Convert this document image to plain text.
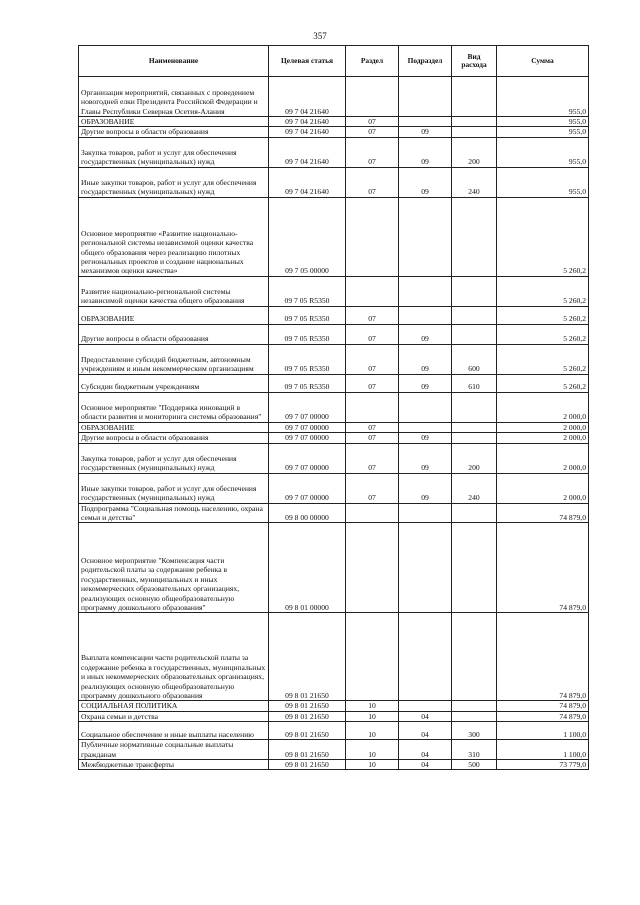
357
Наименование	Целевая статья	Раздел	Подраздел	Вид расхода	Сумма
Организация мероприятий, связанных с проведением новогодней елки Президента Российской Федерации и Главы Республики Северная Осетия-Алания	09 7 04 21640				955,0
ОБРАЗОВАНИЕ	09 7 04 21640	07			955,0
Другие вопросы в области образования	09 7 04 21640	07	09		955,0
Закупка товаров, работ и услуг для обеспечения государственных (муниципальных) нужд	09 7 04 21640	07	09	200	955,0
Иные закупки товаров, работ и услуг для обеспечения государственных (муниципальных) нужд	09 7 04 21640	07	09	240	955,0
Основное мероприятие «Развитие национально-региональной системы независимой оценки качества общего образования через реализацию пилотных региональных проектов и создание национальных механизмов оценки качества»	09 7 05 00000				5 260,2
Развитие национально-региональной системы независимой оценки качества общего образования	09 7 05 R5350				5 260,2
ОБРАЗОВАНИЕ	09 7 05 R5350	07			5 260,2
Другие вопросы в области образования	09 7 05 R5350	07	09		5 260,2
Предоставление субсидий бюджетным, автономным учреждениям и иным некоммерческим организациям	09 7 05 R5350	07	09	600	5 260,2
Субсидии бюджетным учреждениям	09 7 05 R5350	07	09	610	5 260,2
Основное мероприятие "Поддержка инноваций в области развития и мониторинга системы образования"	09 7 07 00000				2 000,0
ОБРАЗОВАНИЕ	09 7 07 00000	07			2 000,0
Другие вопросы в области образования	09 7 07 00000	07	09		2 000,0
Закупка товаров, работ и услуг для обеспечения государственных (муниципальных) нужд	09 7 07 00000	07	09	200	2 000,0
Иные закупки товаров, работ и услуг для обеспечения государственных (муниципальных) нужд	09 7 07 00000	07	09	240	2 000,0
Подпрограмма "Социальная помощь населению, охрана семьи и детства"	09 8 00 00000				74 879,0
Основное мероприятие "Компенсация части родительской платы за содержание ребенка в государственных, муниципальных и иных некоммерческих образовательных организациях, реализующих основную общеобразовательную программу дошкольного образования"	09 8 01 00000				74 879,0
Выплата компенсации части родительской платы за содержание ребенка в государственных, муниципальных и иных некоммерческих образовательных организациях, реализующих основную общеобразовательную программу дошкольного образования	09 8 01 21650				74 879,0
СОЦИАЛЬНАЯ ПОЛИТИКА	09 8 01 21650	10			74 879,0
Охрана семьи и детства	09 8 01 21650	10	04		74 879,0
Социальное обеспечение и иные выплаты населению	09 8 01 21650	10	04	300	1 100,0
Публичные нормативные социальные выплаты гражданам	09 8 01 21650	10	04	310	1 100,0
Межбюджетные трансферты	09 8 01 21650	10	04	500	73 779,0
